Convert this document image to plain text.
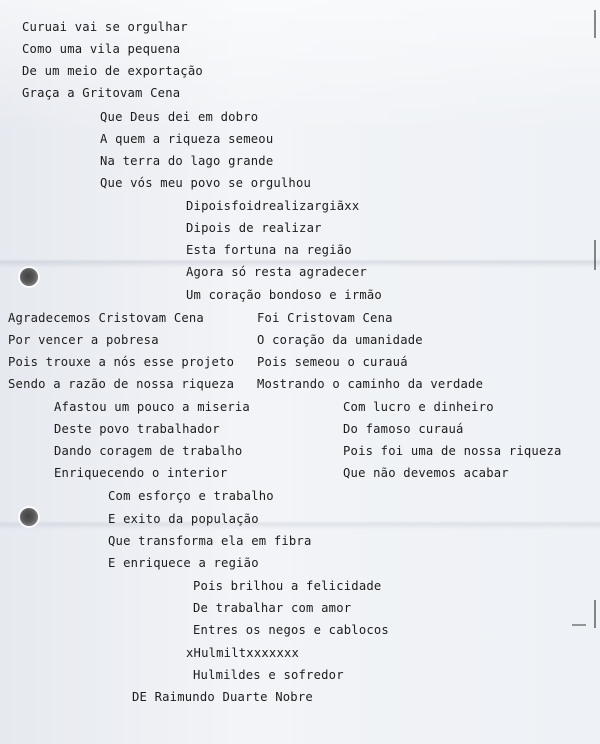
Curuai vai se orgulhar
Como uma vila pequena
De um meio de exportação
Graça a Gritovam Cena
Que Deus dei em dobro
A quem a riqueza semeou
Na terra do lago grande
Que vós meu povo se orgulhou
Dipoisfoidrealizargiãxx
Dipois de realizar
Esta fortuna na região
Agora só resta agradecer
Um coração bondoso e irmão
Agradecemos Cristovam Cena
Por vencer a pobresa
Pois trouxe a nós esse projeto
Sendo a razão de nossa riqueza
Foi Cristovam Cena
O coração da umanidade
Pois semeou o curauá
Mostrando o caminho da verdade
Afastou um pouco a miseria
Deste povo trabalhador
Dando coragem de trabalho
Enriquecendo o interior
Com lucro e dinheiro
Do famoso curauá
Pois foi uma de nossa riqueza
Que não devemos acabar
Com esforço e trabalho
E exito da população
Que transforma ela em fibra
E enriquece a região
Pois brilhou a felicidade
De trabalhar com amor
Entres os negos e cablocos
xHulmiltxxxxxxx
Hulmildes e sofredor
DE Raimundo Duarte Nobre
